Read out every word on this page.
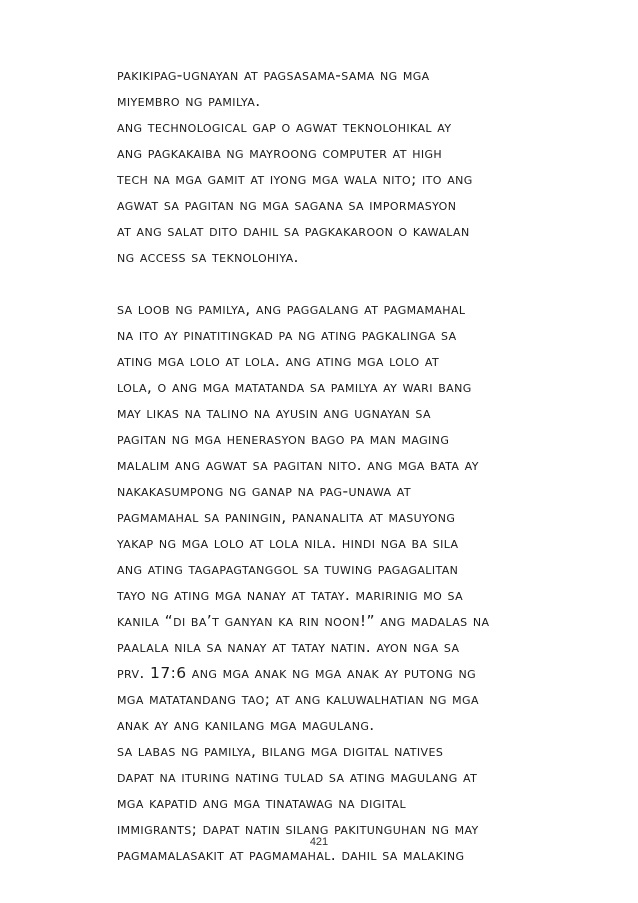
pakikipag-ugnayan at pagsasama-sama ng mga
miyembro ng pamilya.
ang technological gap o agwat teknolohikal ay
ang pagkakaiba ng mayroong computer at high
tech na mga gamit at iyong mga wala nito; ito ang
agwat sa pagitan ng mga sagana sa impormasyon
at ang salat dito dahil sa pagkakaroon o kawalan
ng access sa teknolohiya.
sa loob ng pamilya, ang paggalang at pagmamahal
na ito ay pinatitingkad pa ng ating pagkalinga sa
ating mga lolo at lola. ang ating mga lolo at
lola, o ang mga matatanda sa pamilya ay wari bang
may likas na talino na ayusin ang ugnayan sa
pagitan ng mga henerasyon bago pa man maging
malalim ang agwat sa pagitan nito. ang mga bata ay
nakakasumpong ng ganap na pag-unawa at
pagmamahal sa paningin, pananalita at masuyong
yakap ng mga lolo at lola nila. hindi nga ba sila
ang ating tagapagtanggol sa tuwing pagagalitan
tayo ng ating mga nanay at tatay. maririnig mo sa
kanila “di ba’t ganyan ka rin noon!” ang madalas na
paalala nila sa nanay at tatay natin. ayon nga sa
prv. 17:6 ang mga anak ng mga anak ay putong ng
mga matatandang tao; at ang kaluwalhatian ng mga
anak ay ang kanilang mga magulang.
sa labas ng pamilya, bilang mga digital natives
dapat na ituring nating tulad sa ating magulang at
mga kapatid ang mga tinatawag na digital
immigrants; dapat natin silang pakitunguhan ng may
pagmamalasakit at pagmamahal. dahil sa malaking
421
